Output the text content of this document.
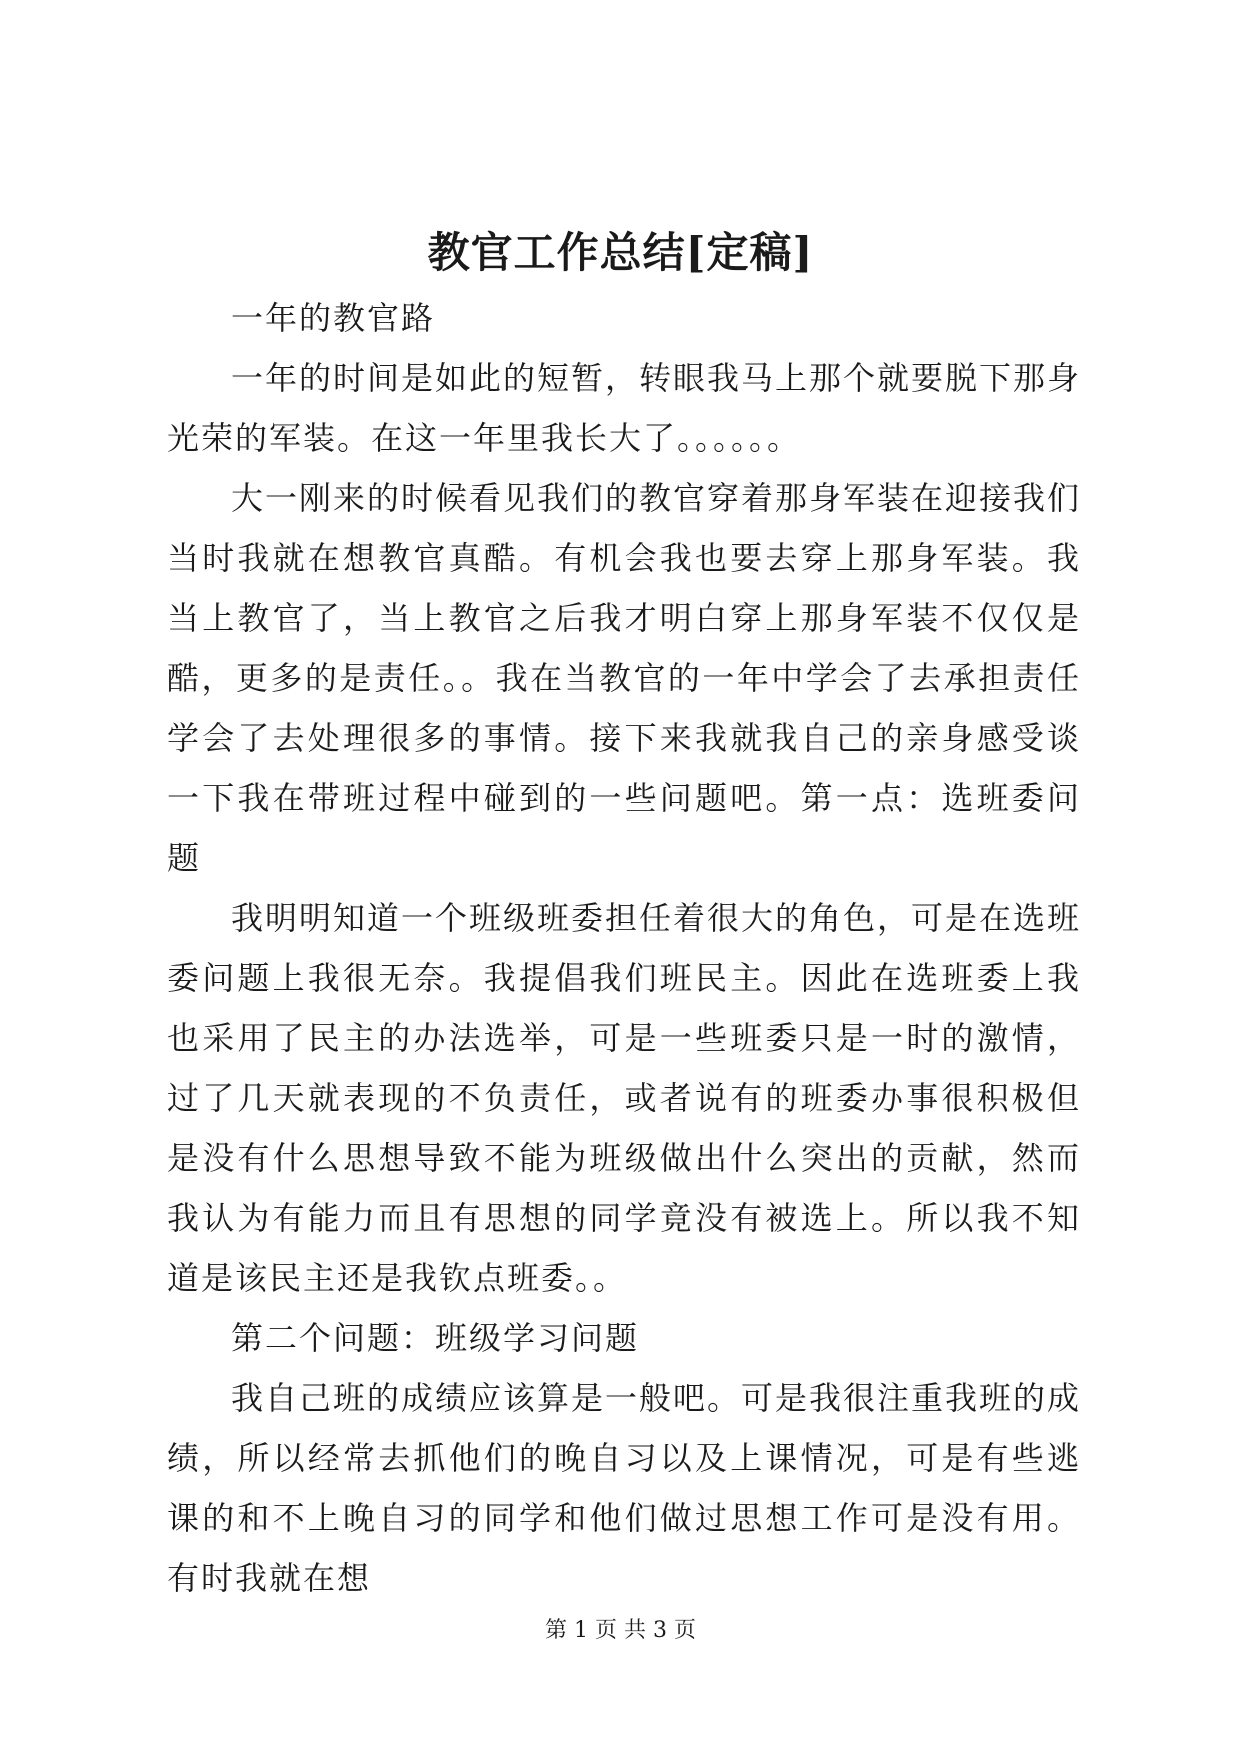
教官工作总结[定稿]

一年的教官路

一年的时间是如此的短暂，转眼我马上那个就要脱下那身光荣的军装。在这一年里我长大了。。。。。。

大一刚来的时候看见我们的教官穿着那身军装在迎接我们当时我就在想教官真酷。有机会我也要去穿上那身军装。我当上教官了，当上教官之后我才明白穿上那身军装不仅仅是酷，更多的是责任。。我在当教官的一年中学会了去承担责任学会了去处理很多的事情。接下来我就我自己的亲身感受谈一下我在带班过程中碰到的一些问题吧。第一点：选班委问题

我明明知道一个班级班委担任着很大的角色，可是在选班委问题上我很无奈。我提倡我们班民主。因此在选班委上我也采用了民主的办法选举，可是一些班委只是一时的激情，过了几天就表现的不负责任，或者说有的班委办事很积极但是没有什么思想导致不能为班级做出什么突出的贡献，然而我认为有能力而且有思想的同学竟没有被选上。所以我不知道是该民主还是我钦点班委。。

第二个问题：班级学习问题

我自己班的成绩应该算是一般吧。可是我很注重我班的成绩，所以经常去抓他们的晚自习以及上课情况，可是有些逃课的和不上晚自习的同学和他们做过思想工作可是没有用。有时我就在想

第 1 页 共 3 页
